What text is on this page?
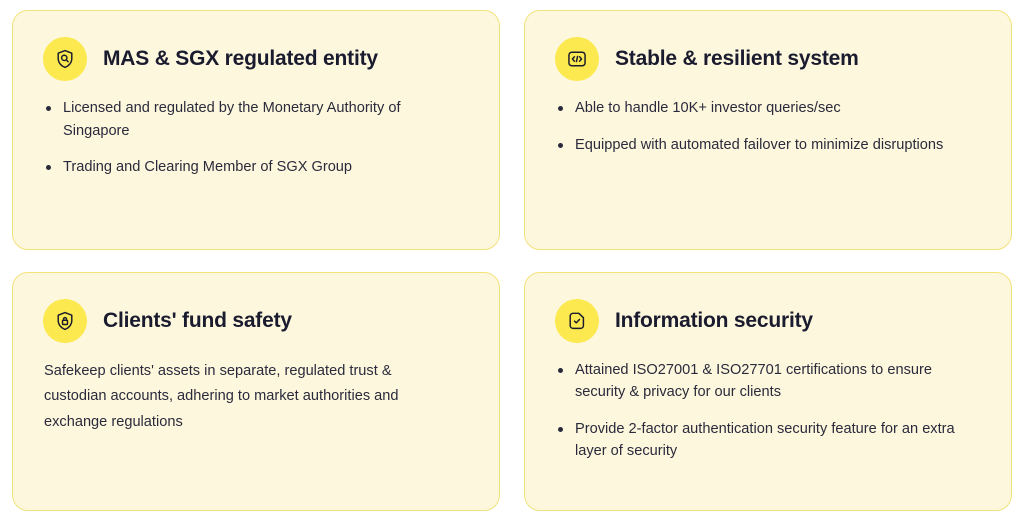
MAS & SGX regulated entity
Licensed and regulated by the Monetary Authority of Singapore
Trading and Clearing Member of SGX Group
Stable & resilient system
Able to handle 10K+ investor queries/sec
Equipped with automated failover to minimize disruptions
Clients' fund safety

Safekeep clients' assets in separate, regulated trust & custodian accounts, adhering to market authorities and exchange regulations

Information security
Attained ISO27001 & ISO27701 certifications to ensure security & privacy for our clients
Provide 2-factor authentication security feature for an extra layer of security
